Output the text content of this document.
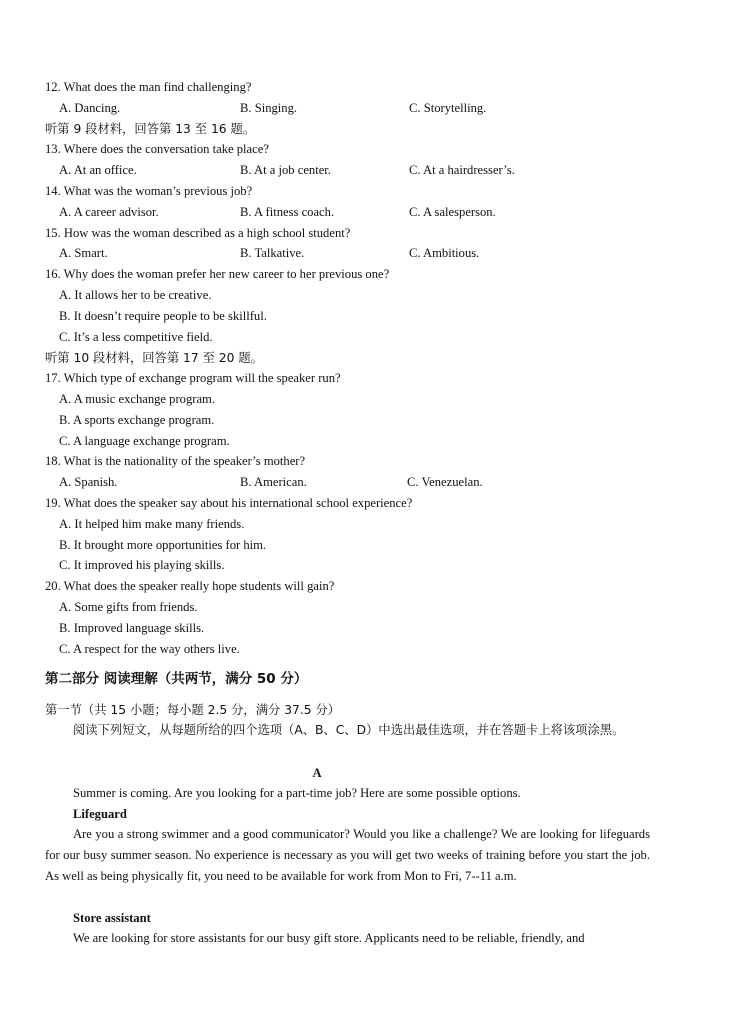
12. What does the man find challenging?
A. Dancing.	B. Singing.	C. Storytelling.
听第 9 段材料，回答第 13 至 16 题。
13. Where does the conversation take place?
A. At an office.	B. At a job center.	C. At a hairdresser’s.
14. What was the woman’s previous job?
A. A career advisor.	B. A fitness coach.	C. A salesperson.
15. How was the woman described as a high school student?
A. Smart.	B. Talkative.	C. Ambitious.
16. Why does the woman prefer her new career to her previous one?
A. It allows her to be creative.
B. It doesn’t require people to be skillful.
C. It’s a less competitive field.
听第 10 段材料，回答第 17 至 20 题。
17. Which type of exchange program will the speaker run?
A. A music exchange program.
B. A sports exchange program.
C. A language exchange program.
18. What is the nationality of the speaker’s mother?
A. Spanish.	B. American.	C. Venezuelan.
19. What does the speaker say about his international school experience?
A. It helped him make many friends.
B. It brought more opportunities for him.
C. It improved his playing skills.
20. What does the speaker really hope students will gain?
A. Some gifts from friends.
B. Improved language skills.
C. A respect for the way others live.
第二部分 阅读理解（共两节，满分 50 分）
第一节（共 15 小题；每小题 2.5 分，满分 37.5 分）

阅读下列短文，从每题所给的四个选项（A、B、C、D）中选出最佳选项，并在答题卡上将该项涂黑。

A

Summer is coming. Are you looking for a part-time job? Here are some possible options.

Lifeguard

Are you a strong swimmer and a good communicator? Would you like a challenge? We are looking for lifeguards for our busy summer season. No experience is necessary as you will get two weeks of training before you start the job. As well as being physically fit, you need to be available for work from Mon to Fri, 7--11 a.m.

Store assistant

We are looking for store assistants for our busy gift store. Applicants need to be reliable, friendly, and
